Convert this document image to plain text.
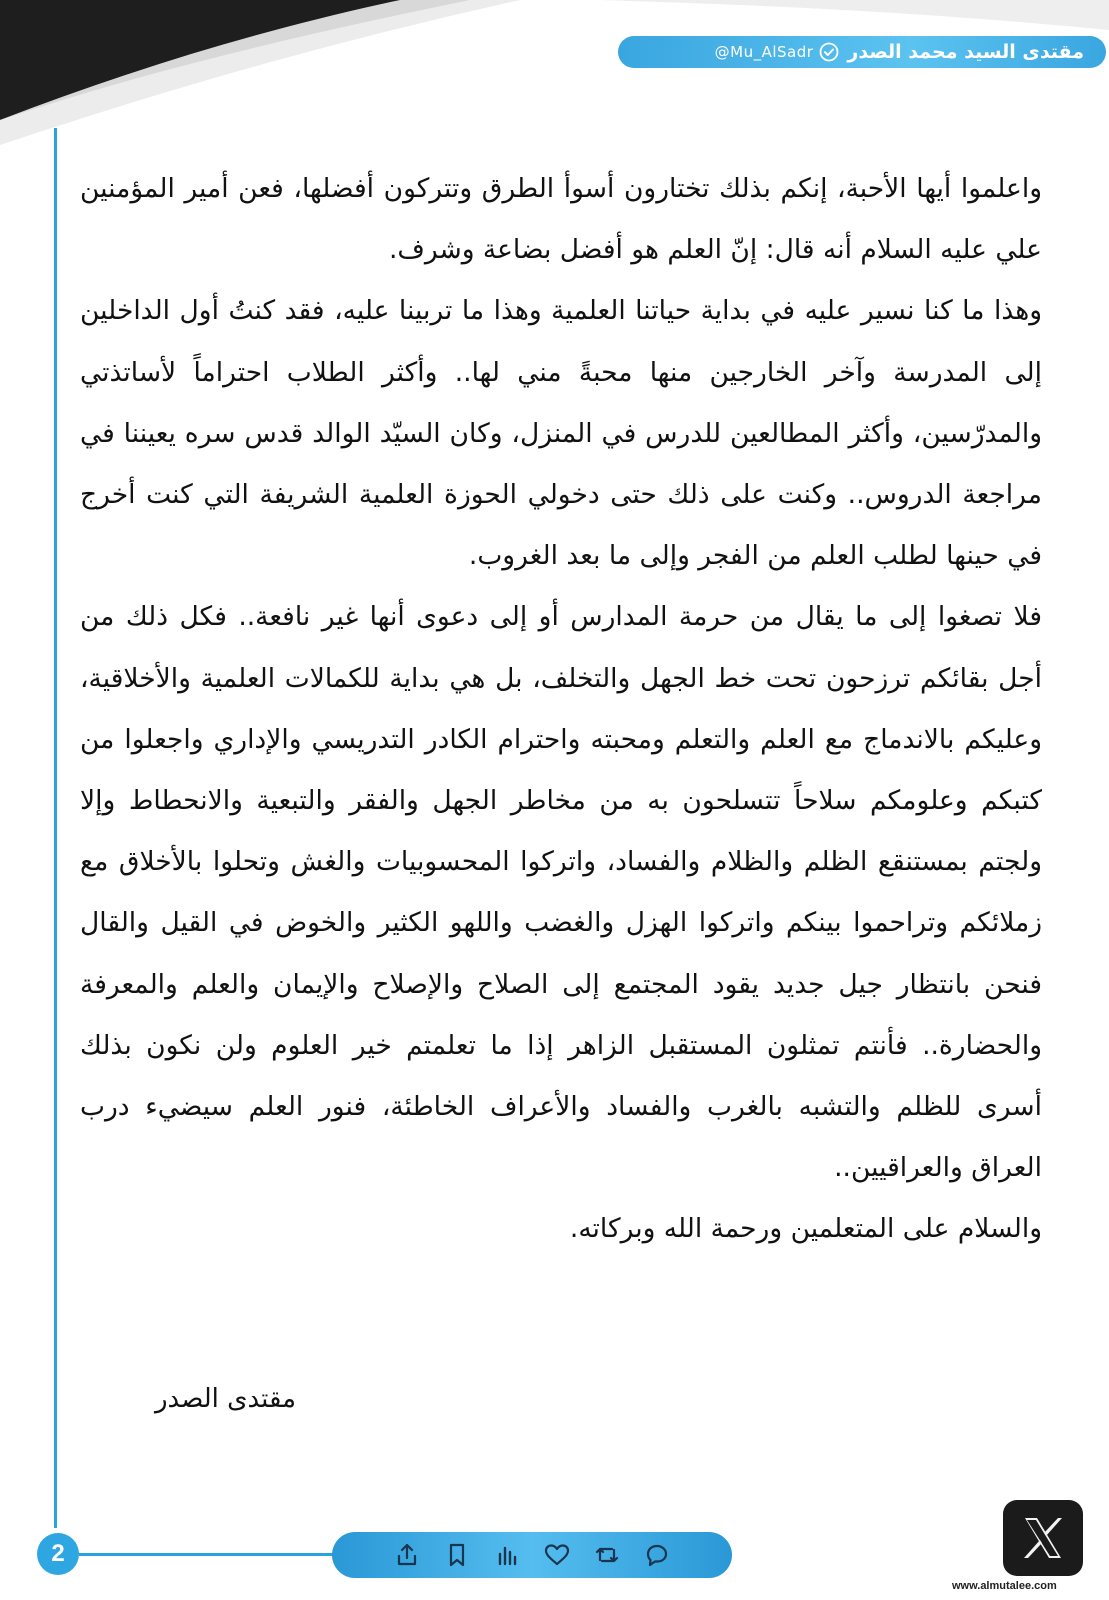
@Mu_AlSadr مقتدى السيد محمد الصدر

واعلموا أيها الأحبة، إنكم بذلك تختارون أسوأ الطرق وتتركون أفضلها، فعن أمير المؤمنين علي عليه السلام أنه قال: إنّ العلم هو أفضل بضاعة وشرف.

وهذا ما كنا نسير عليه في بداية حياتنا العلمية وهذا ما تربينا عليه، فقد كنتُ أول الداخلين إلى المدرسة وآخر الخارجين منها محبةً مني لها.. وأكثر الطلاب احتراماً لأساتذتي والمدرّسين، وأكثر المطالعين للدرس في المنزل، وكان السيّد الوالد قدس سره يعيننا في مراجعة الدروس.. وكنت على ذلك حتى دخولي الحوزة العلمية الشريفة التي كنت أخرج في حينها لطلب العلم من الفجر وإلى ما بعد الغروب.

فلا تصغوا إلى ما يقال من حرمة المدارس أو إلى دعوى أنها غير نافعة.. فكل ذلك من أجل بقائكم ترزحون تحت خط الجهل والتخلف، بل هي بداية للكمالات العلمية والأخلاقية، وعليكم بالاندماج مع العلم والتعلم ومحبته واحترام الكادر التدريسي والإداري واجعلوا من كتبكم وعلومكم سلاحاً تتسلحون به من مخاطر الجهل والفقر والتبعية والانحطاط وإلا ولجتم بمستنقع الظلم والظلام والفساد، واتركوا المحسوبيات والغش وتحلوا بالأخلاق مع زملائكم وتراحموا بينكم واتركوا الهزل والغضب واللهو الكثير والخوض في القيل والقال فنحن بانتظار جيل جديد يقود المجتمع إلى الصلاح والإصلاح والإيمان والعلم والمعرفة والحضارة.. فأنتم تمثلون المستقبل الزاهر إذا ما تعلمتم خير العلوم ولن نكون بذلك أسرى للظلم والتشبه بالغرب والفساد والأعراف الخاطئة، فنور العلم سيضيء درب العراق والعراقيين..

والسلام على المتعلمين ورحمة الله وبركاته.

مقتدى الصدر
2
www.almutalee.com
